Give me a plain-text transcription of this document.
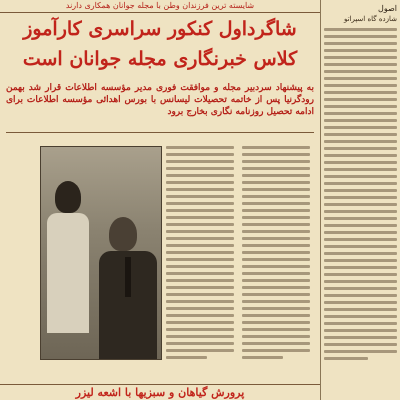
شایسته ترین فرزندان وطن با مجله جوانان همکاری دارند
شاگرداول کنکور سراسری کارآموز
کلاس خبرنگاری مجله جوانان است
به پیشنهاد سردبیر مجله و موافقت فوری مدیر مؤسسه اطلاعات قرار شد بهمن رودگرنیا پس از خاتمه تحصیلات لیسانس با بورس اهدائی مؤسسه اطلاعات برای ادامه تحصیل روزنامه نگاری بخارج برود
پرورش گیاهان و سبزیها با اشعه لیزر
اصول
شازده گاه اسپراتو
